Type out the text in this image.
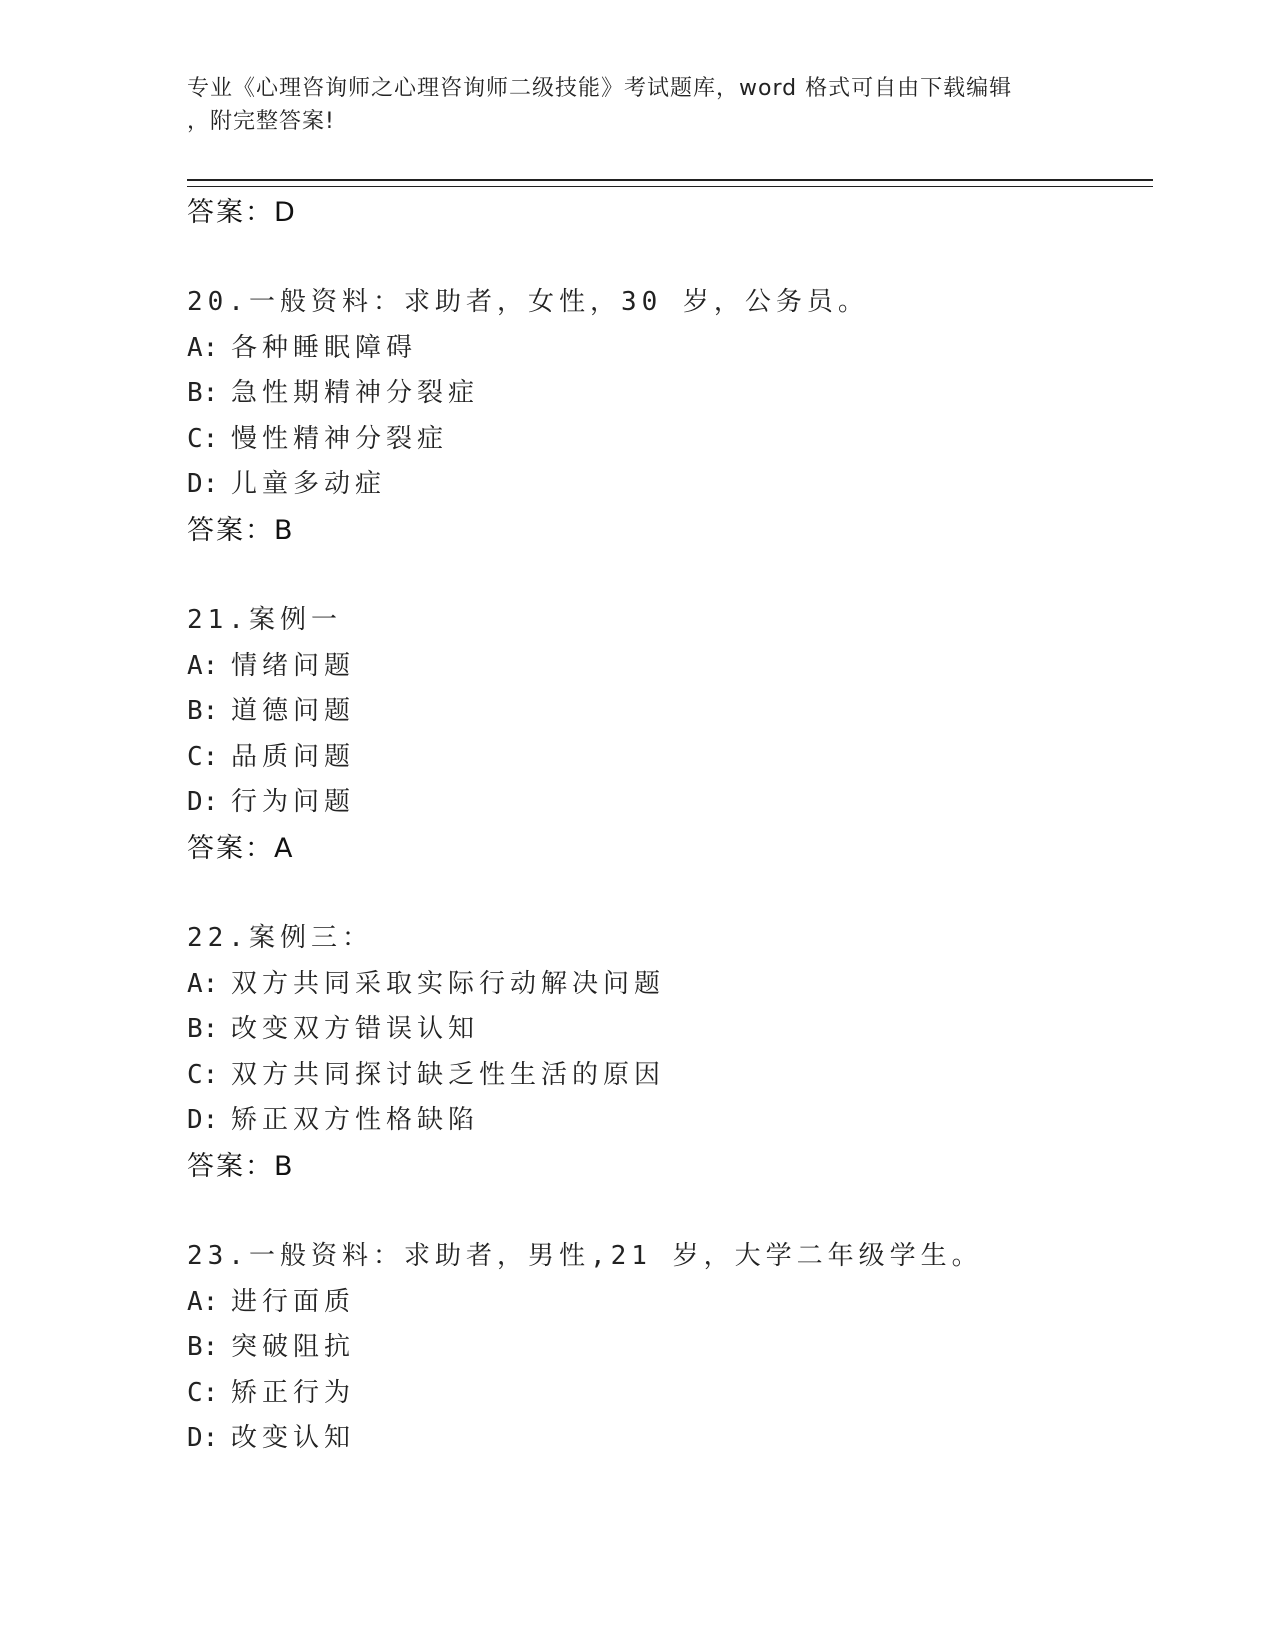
专业《心理咨询师之心理咨询师二级技能》考试题库，word 格式可自由下载编辑
，附完整答案!
答案：D
20.一般资料：求助者，女性，30 岁，公务员。
A: 各种睡眠障碍
B: 急性期精神分裂症
C: 慢性精神分裂症
D: 儿童多动症
答案：B
21.案例一
A: 情绪问题
B: 道德问题
C: 品质问题
D: 行为问题
答案：A
22.案例三：
A: 双方共同采取实际行动解决问题
B: 改变双方错误认知
C: 双方共同探讨缺乏性生活的原因
D: 矫正双方性格缺陷
答案：B
23.一般资料：求助者，男性,21 岁，大学二年级学生。
A: 进行面质
B: 突破阻抗
C: 矫正行为
D: 改变认知
